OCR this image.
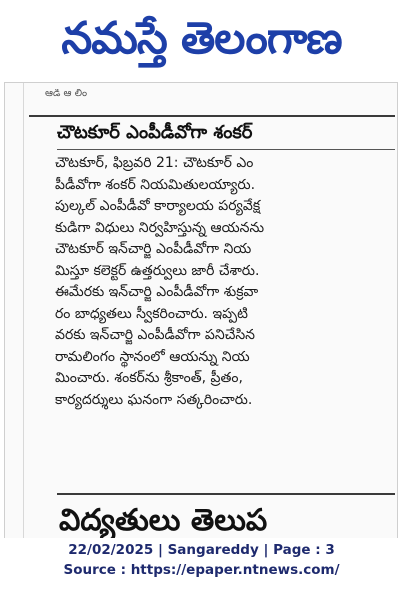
నమస్తే తెలంగాణ
ఆడి ఆ లిం
చౌటకూర్‌ ఎంపీడీవోగా శంకర్‌
చౌటకూర్‌, ఫిబ్రవరి 21: చౌటకూర్‌ ఎం
పీడీవోగా శంకర్‌ నియమితులయ్యారు.
పుల్కల్‌ ఎంపీడీవో కార్యాలయ పర్యవేక్ష
కుడిగా విధులు నిర్వహిస్తున్న ఆయనను
చౌటకూర్‌ ఇన్‌చార్జి ఎంపీడీవోగా నియ
మిస్తూ కలెక్టర్‌ ఉత్తర్వులు జారీ చేశారు.
ఈమేరకు ఇన్‌చార్జి ఎంపీడీవోగా శుక్రవా
రం బాధ్యతలు స్వీకరించారు. ఇప్పటి
వరకు ఇన్‌చార్జి ఎంపీడీవోగా పనిచేసిన
రామలింగం స్థానంలో ఆయన్ను నియ
మించారు. శంకర్‌ను శ్రీకాంత్‌, ప్రీతం,
కార్యదర్శులు ఘనంగా సత్కరించారు.
విద్యతులు తెలుప
22/02/2025 | Sangareddy | Page : 3
Source : https://epaper.ntnews.com/
